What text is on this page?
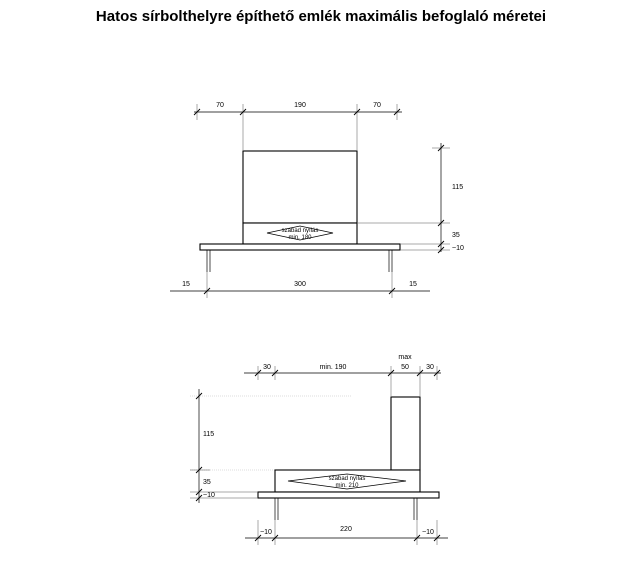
Hatos sírbolthelyre építhető emlék maximális befoglaló méretei
szabad nyílás
min. 180
70	190	70
115
35
~10
15	300	15
szabad nyílás
min. 210
30	min. 190	50 30
max
115
35
~10
~10	220	~10
